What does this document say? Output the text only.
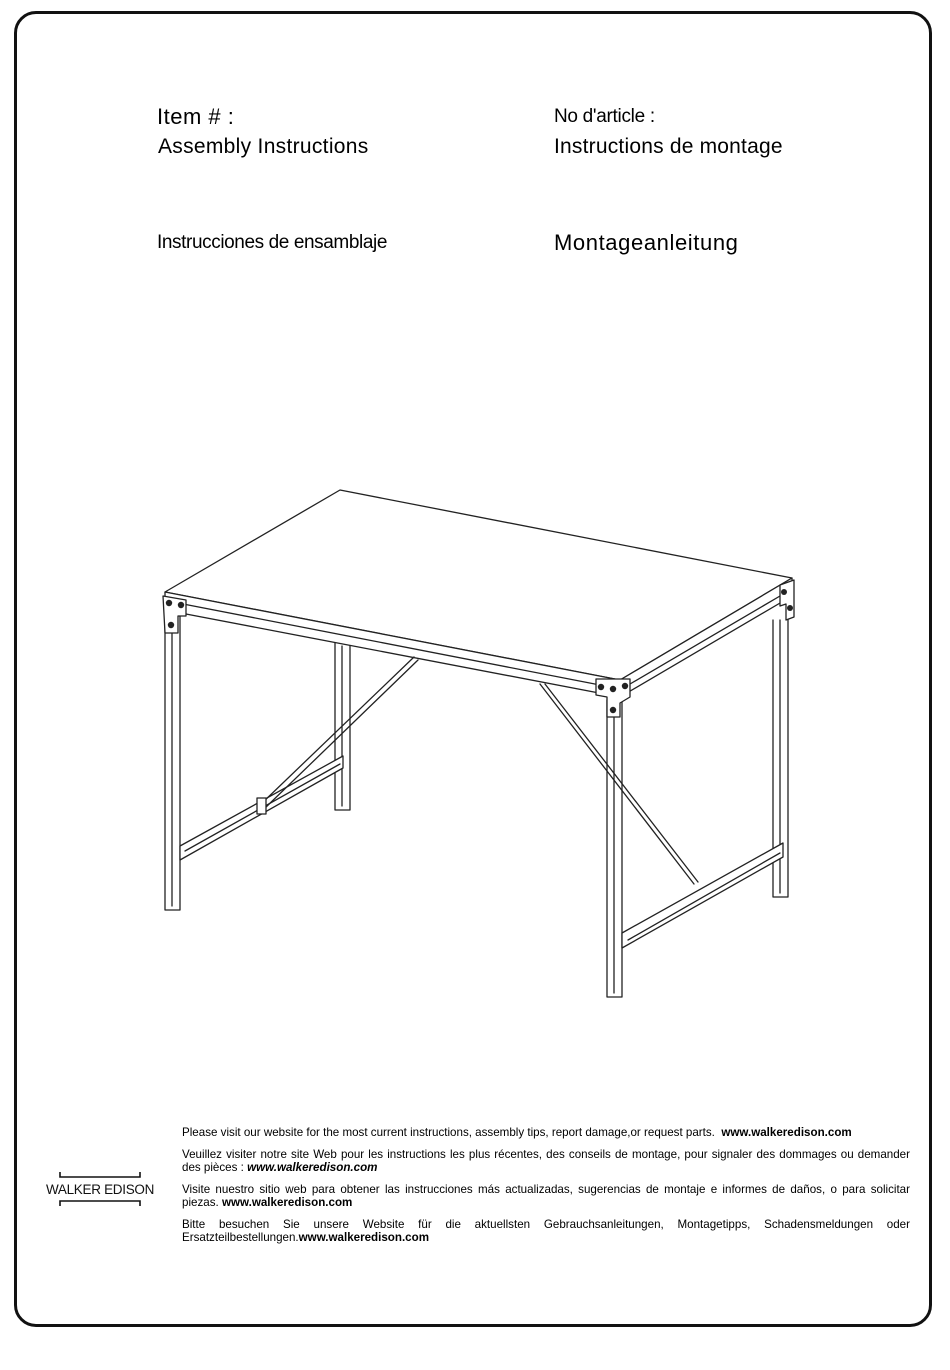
Item # :	No d'article :
Assembly Instructions	Instructions de montage
Instrucciones de ensamblaje	Montageanleitung
WALKER EDISON

Please visit our website for the most current instructions, assembly tips, report damage,or request parts. www.walkeredison.com

Veuillez visiter notre site Web pour les instructions les plus récentes, des conseils de montage, pour signaler des dommages ou demander des pièces : www.walkeredison.com

Visite nuestro sitio web para obtener las instrucciones más actualizadas, sugerencias de montaje e informes de daños, o para solicitar piezas. www.walkeredison.com

Bitte besuchen Sie unsere Website für die aktuellsten Gebrauchsanleitungen, Montagetipps, Schadensmeldungen oder Ersatzteilbestellungen.www.walkeredison.com
